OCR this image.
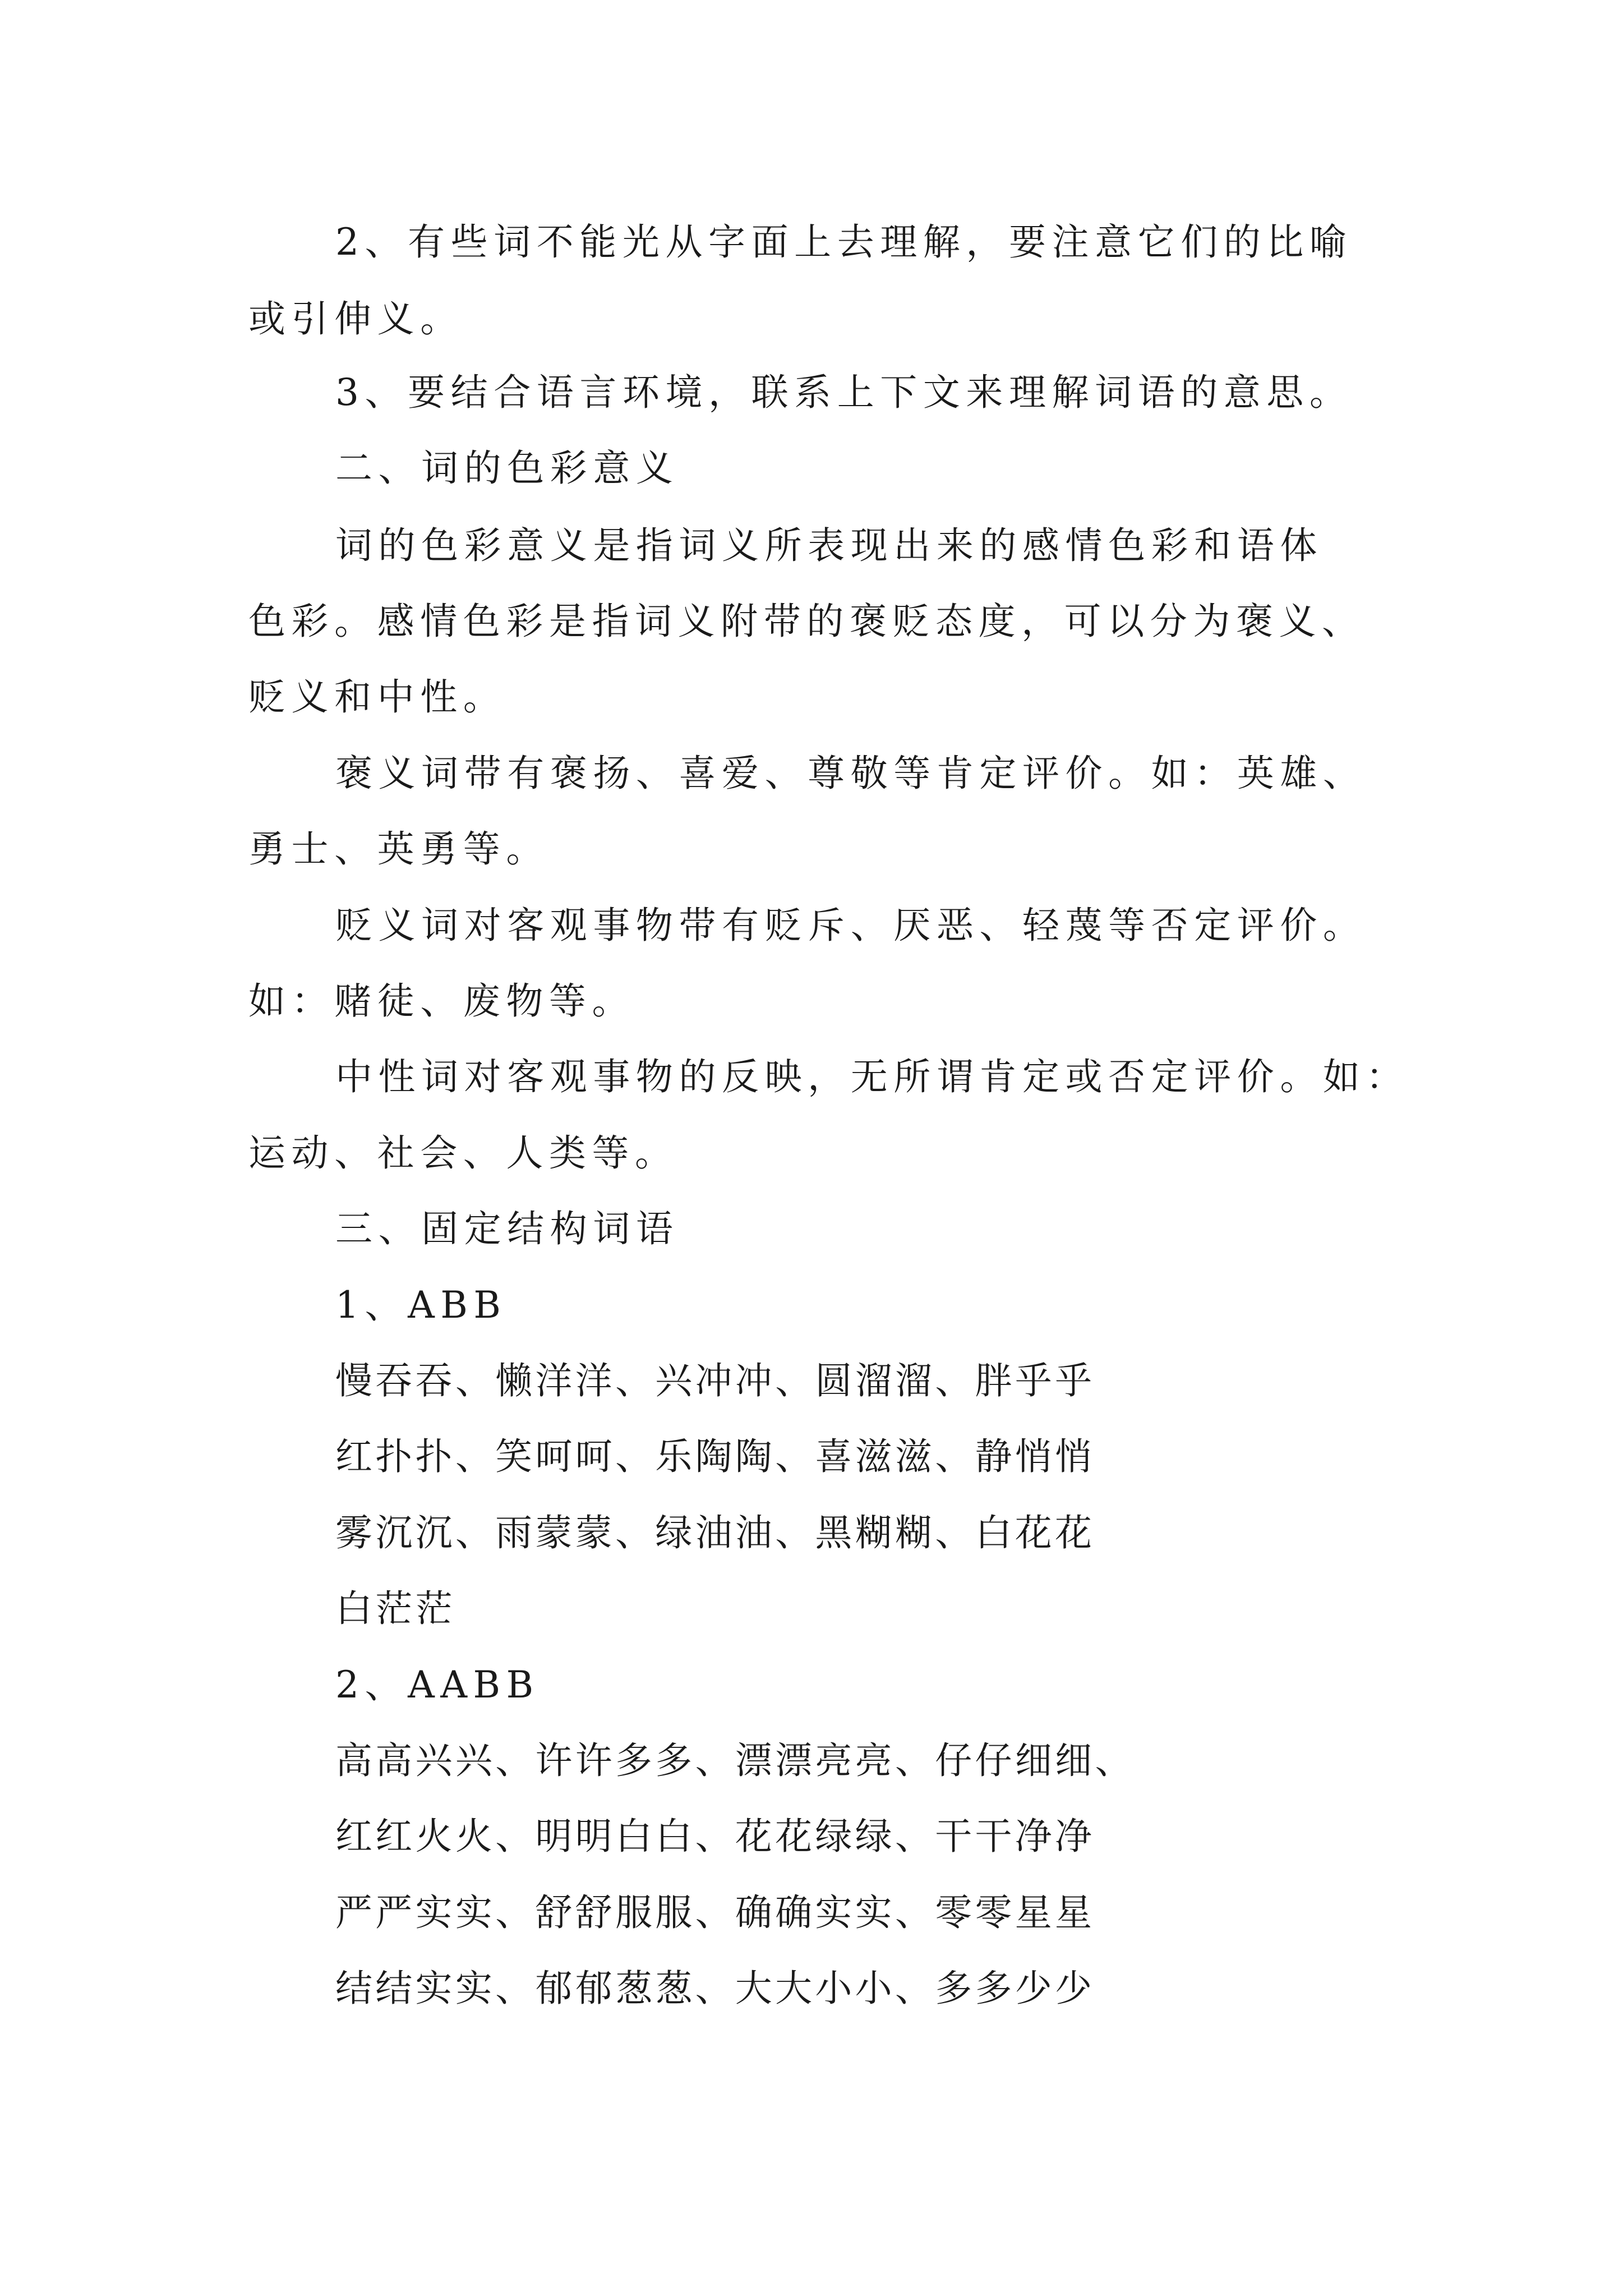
2、有些词不能光从字面上去理解，要注意它们的比喻
或引伸义。
3、要结合语言环境，联系上下文来理解词语的意思。
二、词的色彩意义
词的色彩意义是指词义所表现出来的感情色彩和语体
色彩。感情色彩是指词义附带的褒贬态度，可以分为褒义、
贬义和中性。
褒义词带有褒扬、喜爱、尊敬等肯定评价。如：英雄、
勇士、英勇等。
贬义词对客观事物带有贬斥、厌恶、轻蔑等否定评价。
如：赌徒、废物等。
中性词对客观事物的反映，无所谓肯定或否定评价。如：
运动、社会、人类等。
三、固定结构词语
1、ABB
慢吞吞、懒洋洋、兴冲冲、圆溜溜、胖乎乎
红扑扑、笑呵呵、乐陶陶、喜滋滋、静悄悄
雾沉沉、雨蒙蒙、绿油油、黑糊糊、白花花
白茫茫
2、AABB
高高兴兴、许许多多、漂漂亮亮、仔仔细细、
红红火火、明明白白、花花绿绿、干干净净
严严实实、舒舒服服、确确实实、零零星星
结结实实、郁郁葱葱、大大小小、多多少少
